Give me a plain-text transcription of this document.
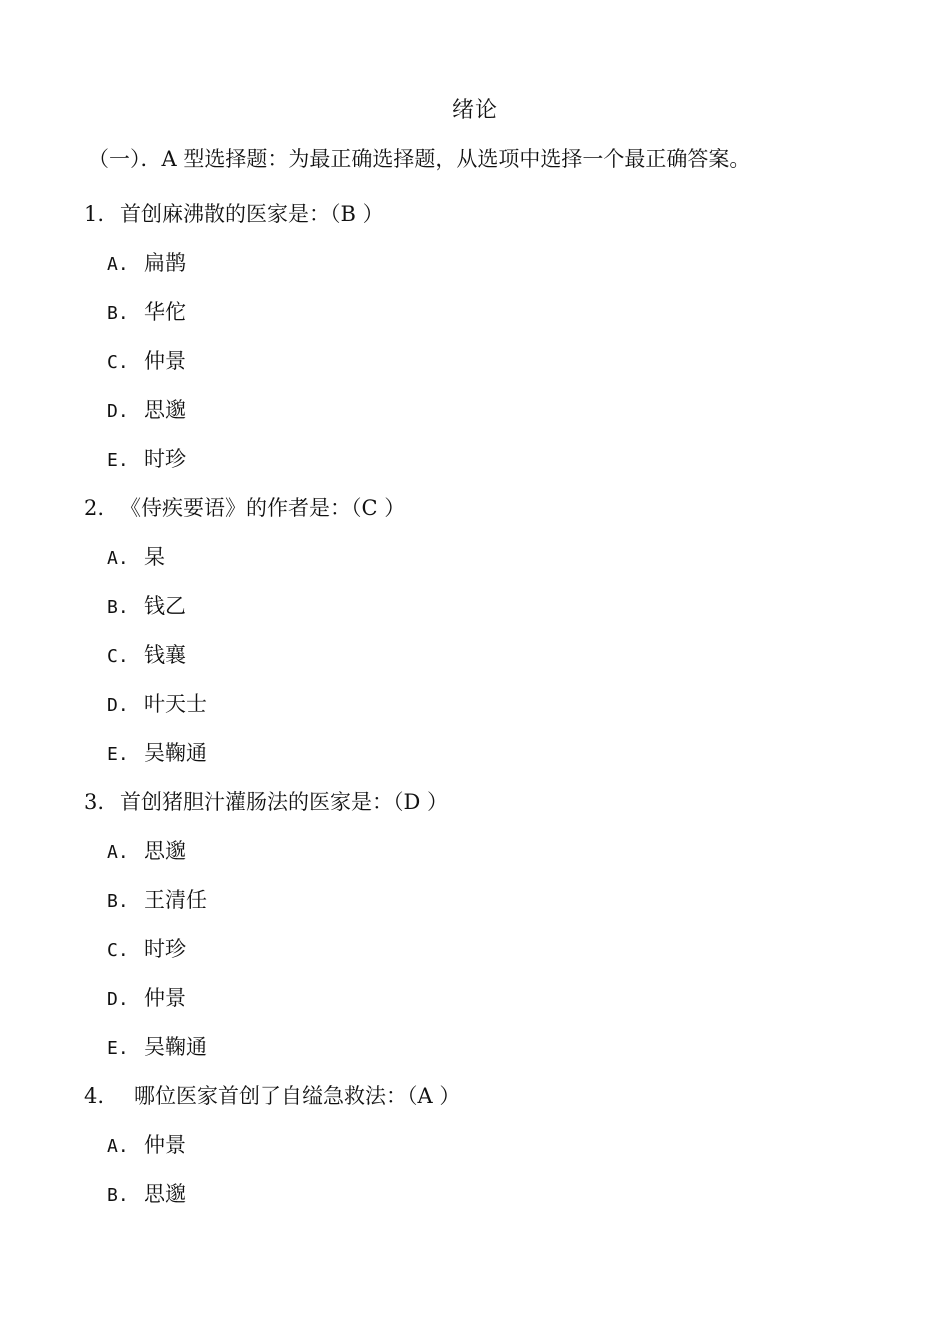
绪论
（一）．A 型选择题：为最正确选择题，从选项中选择一个最正确答案。
1. 首创麻沸散的医家是：（B ）
A. 扁鹊
B. 华佗
C. 仲景
D. 思邈
E. 时珍
2. 《侍疾要语》的作者是：（C ）
A. 杲
B. 钱乙
C. 钱襄
D. 叶天士
E. 吴鞠通
3. 首创猪胆汁灌肠法的医家是：（D ）
A. 思邈
B. 王清任
C. 时珍
D. 仲景
E. 吴鞠通
4. 哪位医家首创了自缢急救法：（A ）
A. 仲景
B. 思邈
